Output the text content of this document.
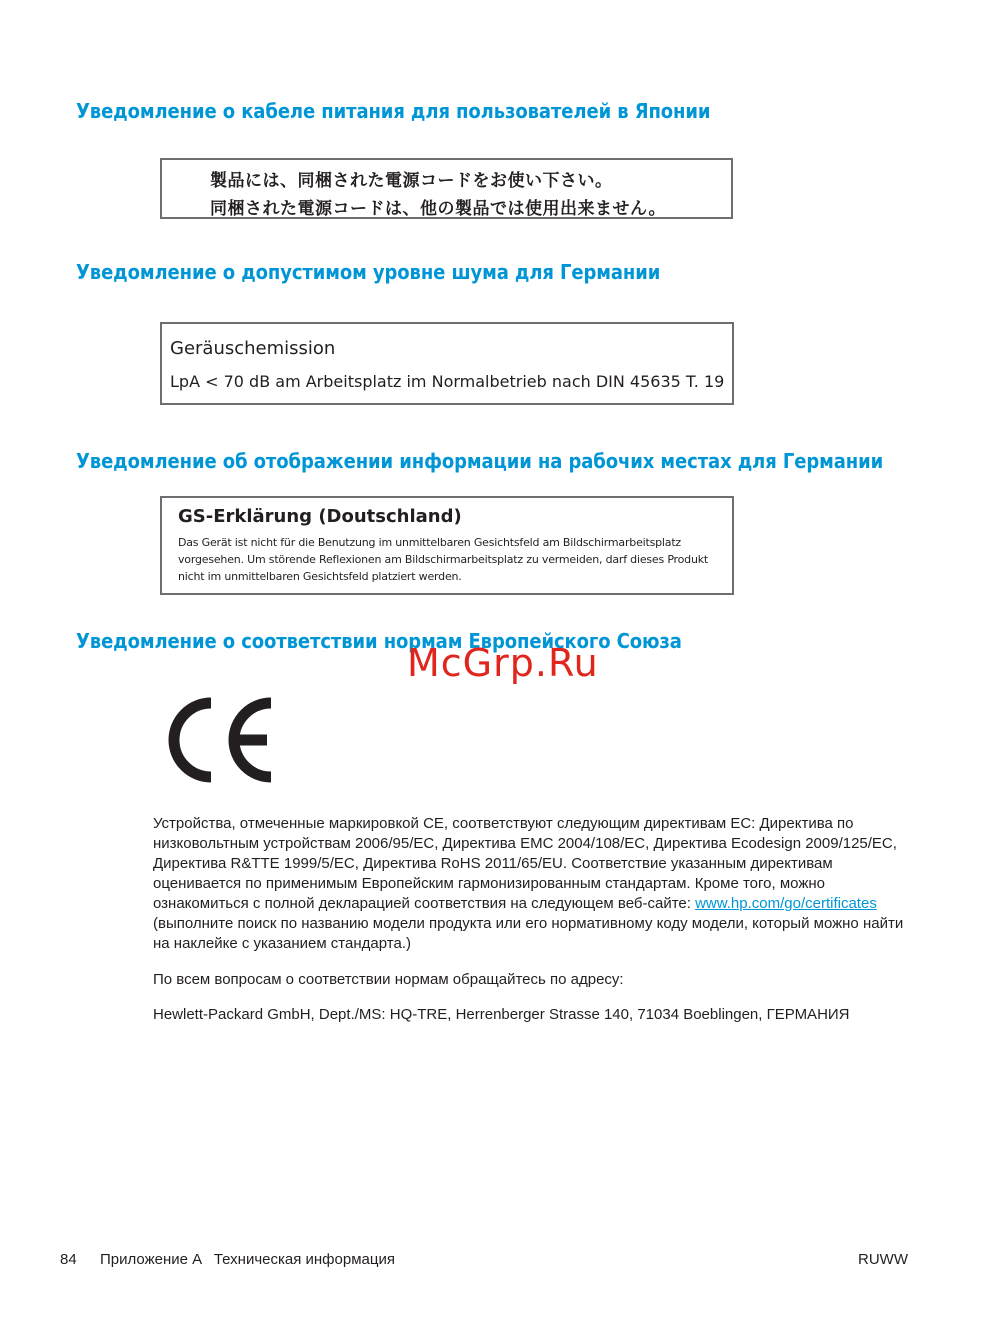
Уведомление о кабеле питания для пользователей в Японии
製品には、同梱された電源コードをお使い下さい。
同梱された電源コードは、他の製品では使用出来ません。
Уведомление о допустимом уровне шума для Германии
Geräuschemission
LpA < 70 dB am Arbeitsplatz im Normalbetrieb nach DIN 45635 T. 19
Уведомление об отображении информации на рабочих местах для Германии
GS-Erklärung (Doutschland)
Das Gerät ist nicht für die Benutzung im unmittelbaren Gesichtsfeld am Bildschirmarbeitsplatz
vorgesehen. Um störende Reflexionen am Bildschirmarbeitsplatz zu vermeiden, darf dieses Produkt
nicht im unmittelbaren Gesichtsfeld platziert werden.
Уведомление о соответствии нормам Европейского Союза
McGrp.Ru

Устройства, отмеченные маркировкой CE, соответствуют следующим директивам ЕС: Директива по низковольтным устройствам 2006/95/EC, Директива EMC 2004/108/EC, Директива Ecodesign 2009/125/EC, Директива R&TTE 1999/5/EC, Директива RoHS 2011/65/EU. Соответствие указанным директивам оценивается по применимым Европейским гармонизированным стандартам. Кроме того, можно ознакомиться с полной декларацией соответствия на следующем веб-сайте: www.hp.com/go/certificates (выполните поиск по названию модели продукта или его нормативному коду модели, который можно найти на наклейке с указанием стандарта.)

По всем вопросам о соответствии нормам обращайтесь по адресу:

Hewlett-Packard GmbH, Dept./MS: HQ-TRE, Herrenberger Strasse 140, 71034 Boeblingen, ГЕРМАНИЯ

84 Приложение A   Техническая информация	RUWW
